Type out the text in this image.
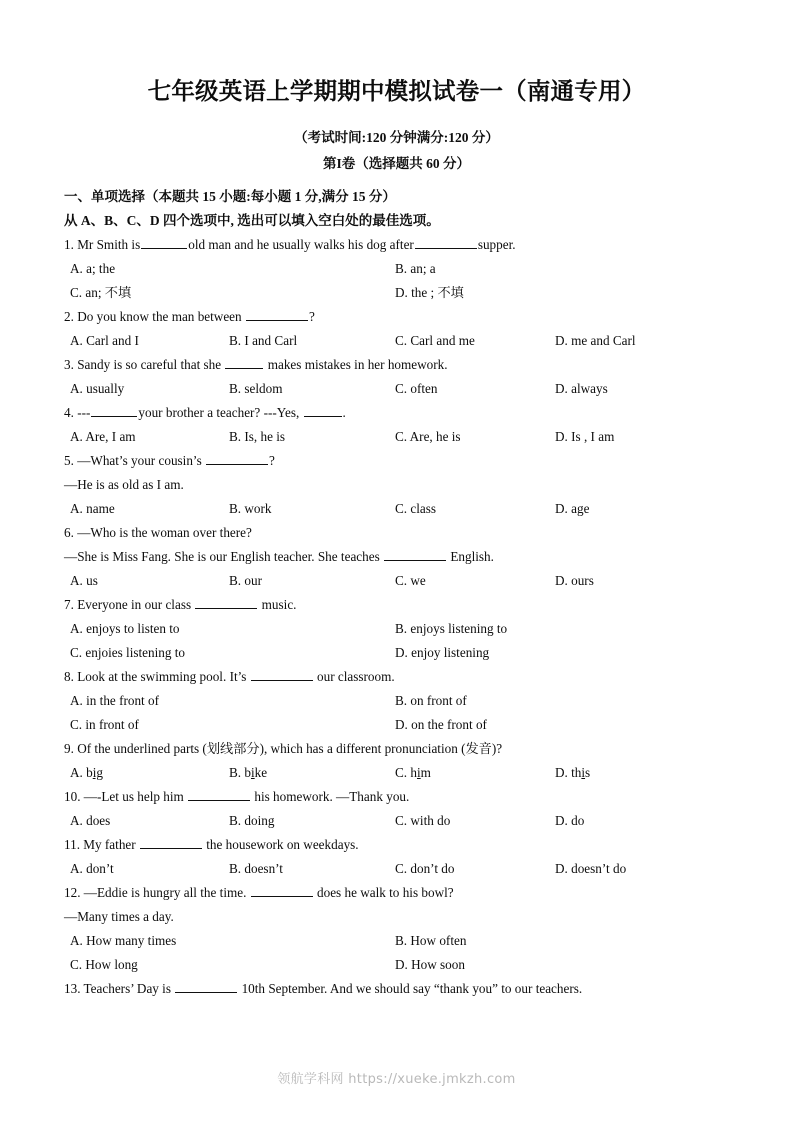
七年级英语上学期期中模拟试卷一（南通专用）
（考试时间:120 分钟满分:120 分）
第I卷（选择题共 60 分）
一、单项选择（本题共 15 小题:每小题 1 分,满分 15 分）
从 A、B、C、D 四个选项中, 选出可以填入空白处的最佳选项。
1. Mr Smith is	old man and he usually walks his dog after	supper.
A. a; the	B. an; a
C. an; 不填	D. the ; 不填
2. Do you know the man between	?
A. Carl and I	B. I and Carl	C. Carl and me	D. me and Carl
3. Sandy is so careful that she	makes mistakes in her homework.
A. usually	B. seldom	C. often	D. always
4. ---	your brother a teacher? ---Yes,	.
A. Are, I am	B. Is, he is	C. Are, he is	D. Is , I am
5. —What’s your cousin’s	?
—He is as old as I am.
A. name	B. work	C. class	D. age
6. —Who is the woman over there?
—She is Miss Fang. She is our English teacher. She teaches	English.
A. us	B. our	C. we	D. ours
7. Everyone in our class	music.
A. enjoys to listen to	B. enjoys listening to
C. enjoies listening to	D. enjoy listening
8. Look at the swimming pool. It’s	our classroom.
A. in the front of	B. on front of
C. in front of	D. on the front of
9. Of the underlined parts (划线部分), which has a different pronunciation (发音)?
A. big	B. bike	C. him	D. this
10. —-Let us help him	his homework. —Thank you.
A. does	B. doing	C. with do	D. do
11. My father	the housework on weekdays.
A. don’t	B. doesn’t	C. don’t do	D. doesn’t do
12. —Eddie is hungry all the time.	does he walk to his bowl?
—Many times a day.
A. How many times	B. How often
C. How long	D. How soon
13. Teachers’ Day is	10th September. And we should say “thank you” to our teachers.
领航学科网 https://xueke.jmkzh.com
